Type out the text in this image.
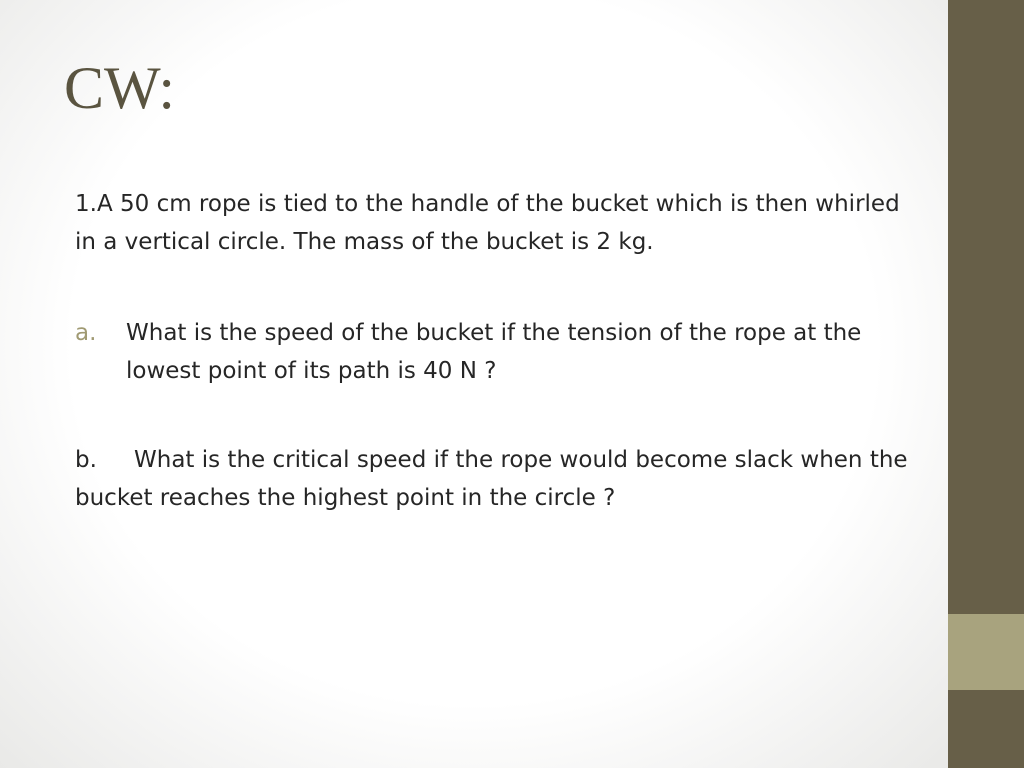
CW:
1.A 50 cm rope is tied to the handle of the bucket which is then whirled in a vertical circle. The mass of the bucket is 2 kg.
a.	What is the speed of the bucket if the tension of the rope at the lowest point of its path is 40 N ?
b. What is the critical speed if the rope would become slack when the bucket reaches the highest point in the circle ?
